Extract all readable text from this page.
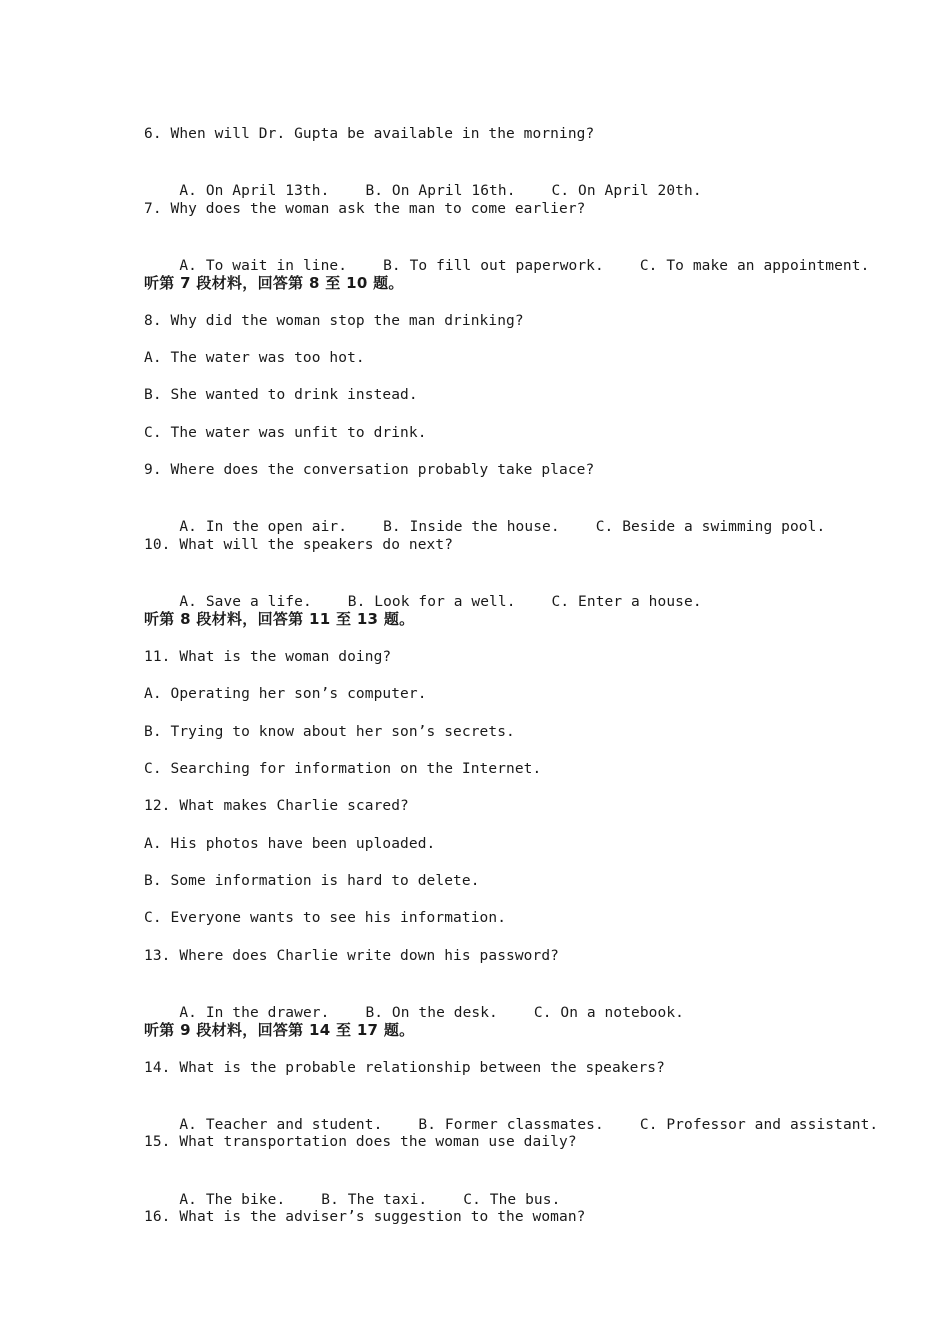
6. When will Dr. Gupta be available in the morning?

A. On April 13th. B. On April 16th. C. On April 20th.

7. Why does the woman ask the man to come earlier?

A. To wait in line. B. To fill out paperwork. C. To make an appointment.

听第 7 段材料，回答第 8 至 10 题。
8. Why did the woman stop the man drinking?
A. The water was too hot.
B. She wanted to drink instead.
C. The water was unfit to drink.
9. Where does the conversation probably take place?

A. In the open air. B. Inside the house. C. Beside a swimming pool.

10. What will the speakers do next?

A. Save a life. B. Look for a well. C. Enter a house.

听第 8 段材料，回答第 11 至 13 题。
11. What is the woman doing?
A. Operating her son’s computer.
B. Trying to know about her son’s secrets.
C. Searching for information on the Internet.
12. What makes Charlie scared?
A. His photos have been uploaded.
B. Some information is hard to delete.
C. Everyone wants to see his information.
13. Where does Charlie write down his password?

A. In the drawer. B. On the desk. C. On a notebook.

听第 9 段材料，回答第 14 至 17 题。
14. What is the probable relationship between the speakers?

A. Teacher and student. B. Former classmates. C. Professor and assistant.

15. What transportation does the woman use daily?

A. The bike. B. The taxi. C. The bus.

16. What is the adviser’s suggestion to the woman?
